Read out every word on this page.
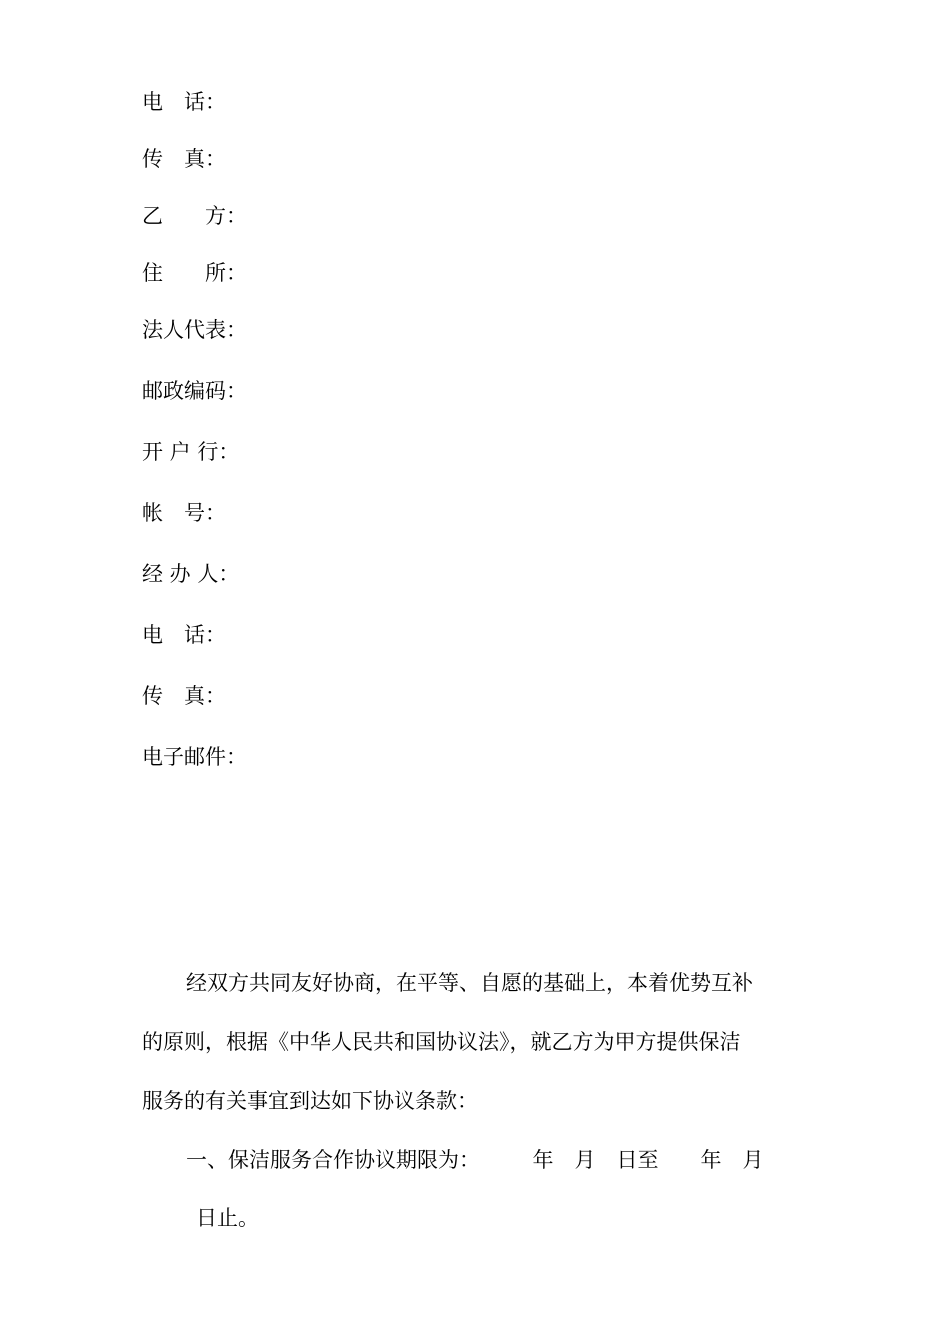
电　话：
传　真：
乙　　方：
住　　所：
法人代表：
邮政编码：
开 户 行：
帐　号：
经 办 人：
电　话：
传　真：
电子邮件：
经双方共同友好协商，在平等、自愿的基础上，本着优势互补
的原则，根据《中华人民共和国协议法》，就乙方为甲方提供保洁
服务的有关事宜到达如下协议条款：
一、保洁服务合作协议期限为：　　　年　月　日至　　年　月
日止。
